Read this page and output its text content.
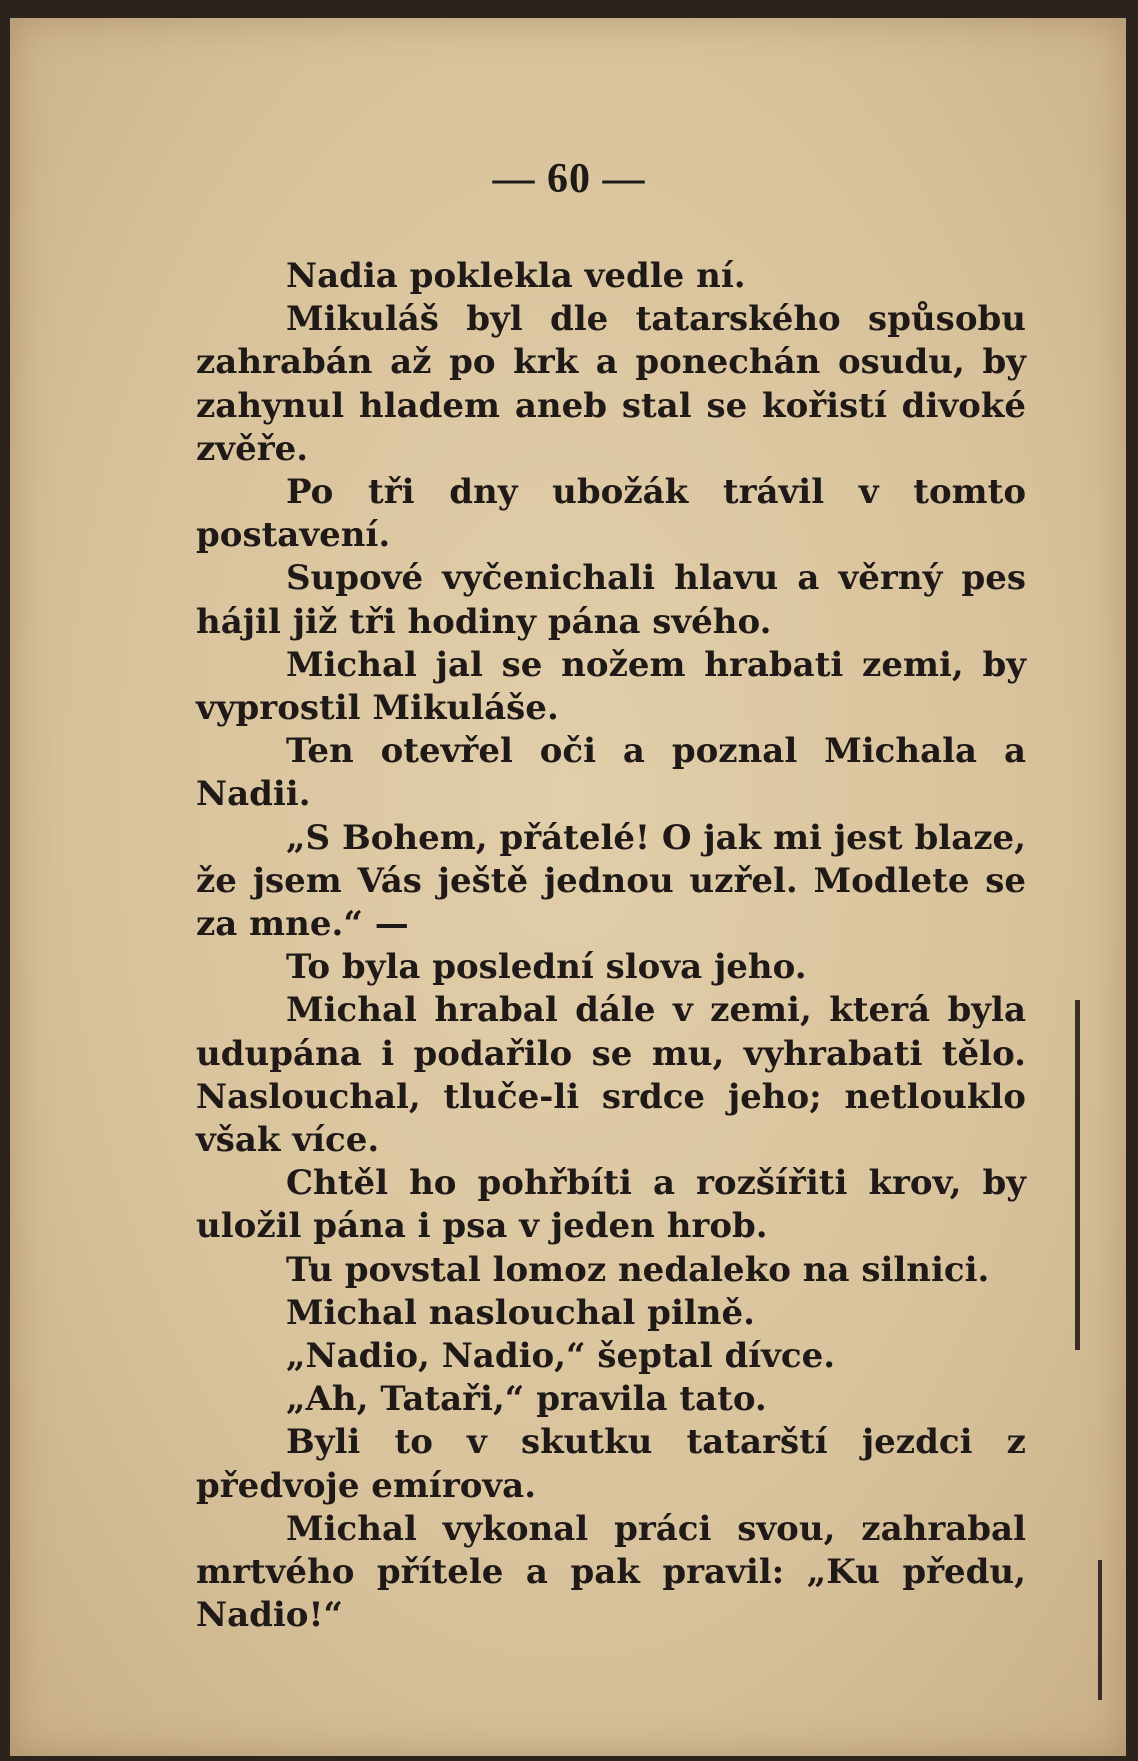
— 60 —

Nadia poklekla vedle ní.

Mikuláš byl dle tatarského spůsobu zahrabán až po krk a ponechán osudu, by zahynul hladem aneb stal se kořistí divoké zvěře.

Po tři dny ubožák trávil v tomto postavení.

Supové vyčenichali hlavu a věrný pes hájil již tři hodiny pána svého.

Michal jal se nožem hrabati zemi, by vyprostil Mikuláše.

Ten otevřel oči a poznal Michala a Nadii.

„S Bohem, přátelé! O jak mi jest blaze, že jsem Vás ještě jednou uzřel. Modlete se za mne.“ —

To byla poslední slova jeho.

Michal hrabal dále v zemi, která byla udupána i podařilo se mu, vyhrabati tělo. Naslouchal, tluče-li srdce jeho; netlouklo však více.

Chtěl ho pohřbíti a rozšířiti krov, by uložil pána i psa v jeden hrob.

Tu povstal lomoz nedaleko na silnici.

Michal naslouchal pilně.

„Nadio, Nadio,“ šeptal dívce.

„Ah, Tataři,“ pravila tato.

Byli to v skutku tatarští jezdci z předvoje emírova.

Michal vykonal práci svou, zahrabal mrtvého přítele a pak pravil: „Ku předu, Nadio!“
